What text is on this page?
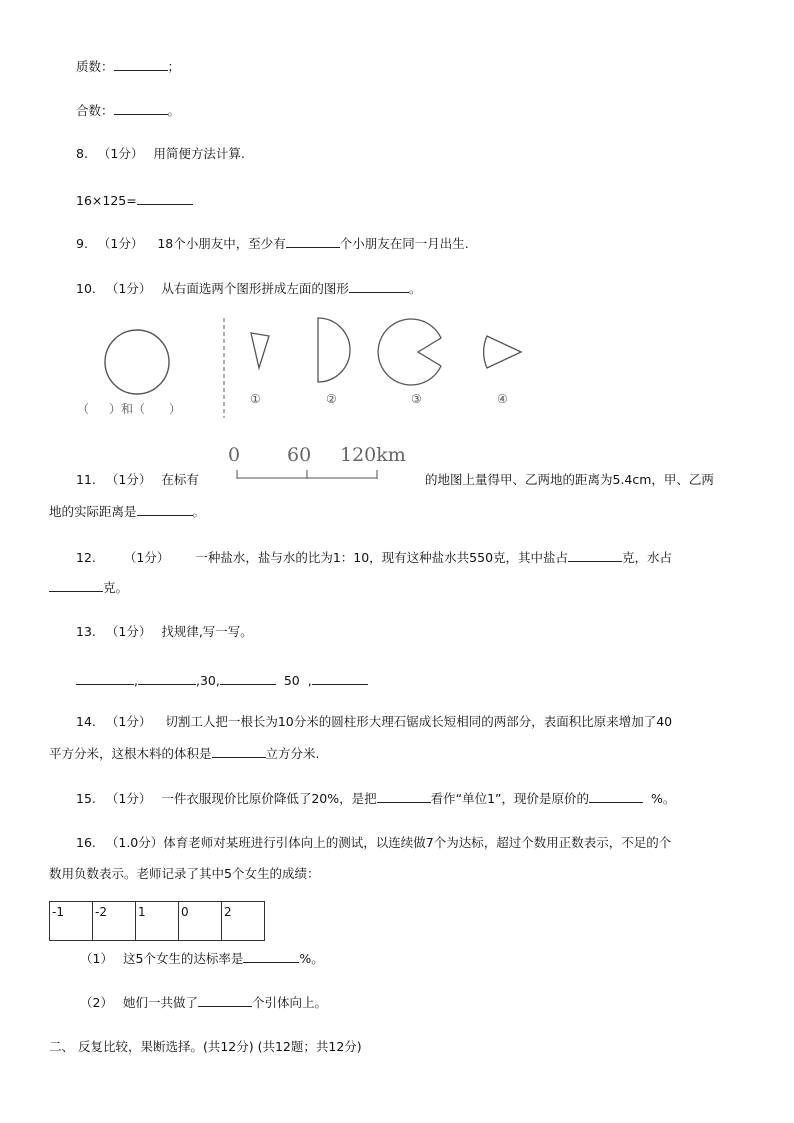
质数：	；
合数：	。
8. （1分） 用简便方法计算.
16×125=
9. （1分） 18个小朋友中，至少有	个小朋友在同一月出生.
10. （1分） 从右面选两个图形拼成左面的图形	。
（ ）和（ ）
①	②	③	④
0 60 120km
11. （1分） 在标有	的地图上量得甲、乙两地的距离为5.4cm，甲、乙两
地的实际距离是	。
12. （1分） 一种盐水，盐与水的比为1：10，现有这种盐水共550克，其中盐占	克，水占
克。
13. （1分） 找规律,写一写。
,	,30,	50 ,
14. （1分） 切割工人把一根长为10分米的圆柱形大理石锯成长短相同的两部分，表面积比原来增加了40
平方分米，这根木料的体积是	立方分米.
15. （1分） 一件衣服现价比原价降低了20%，是把	看作“单位1”，现价是原价的	%。
16. （1.0分）体育老师对某班进行引体向上的测试，以连续做7个为达标，超过个数用正数表示，不足的个
数用负数表示。老师记录了其中5个女生的成绩：
-1	-2	1	0	2
（1） 这5个女生的达标率是	%。
（2） 她们一共做了	个引体向上。
二、 反复比较，果断选择。(共12分) (共12题；共12分)
